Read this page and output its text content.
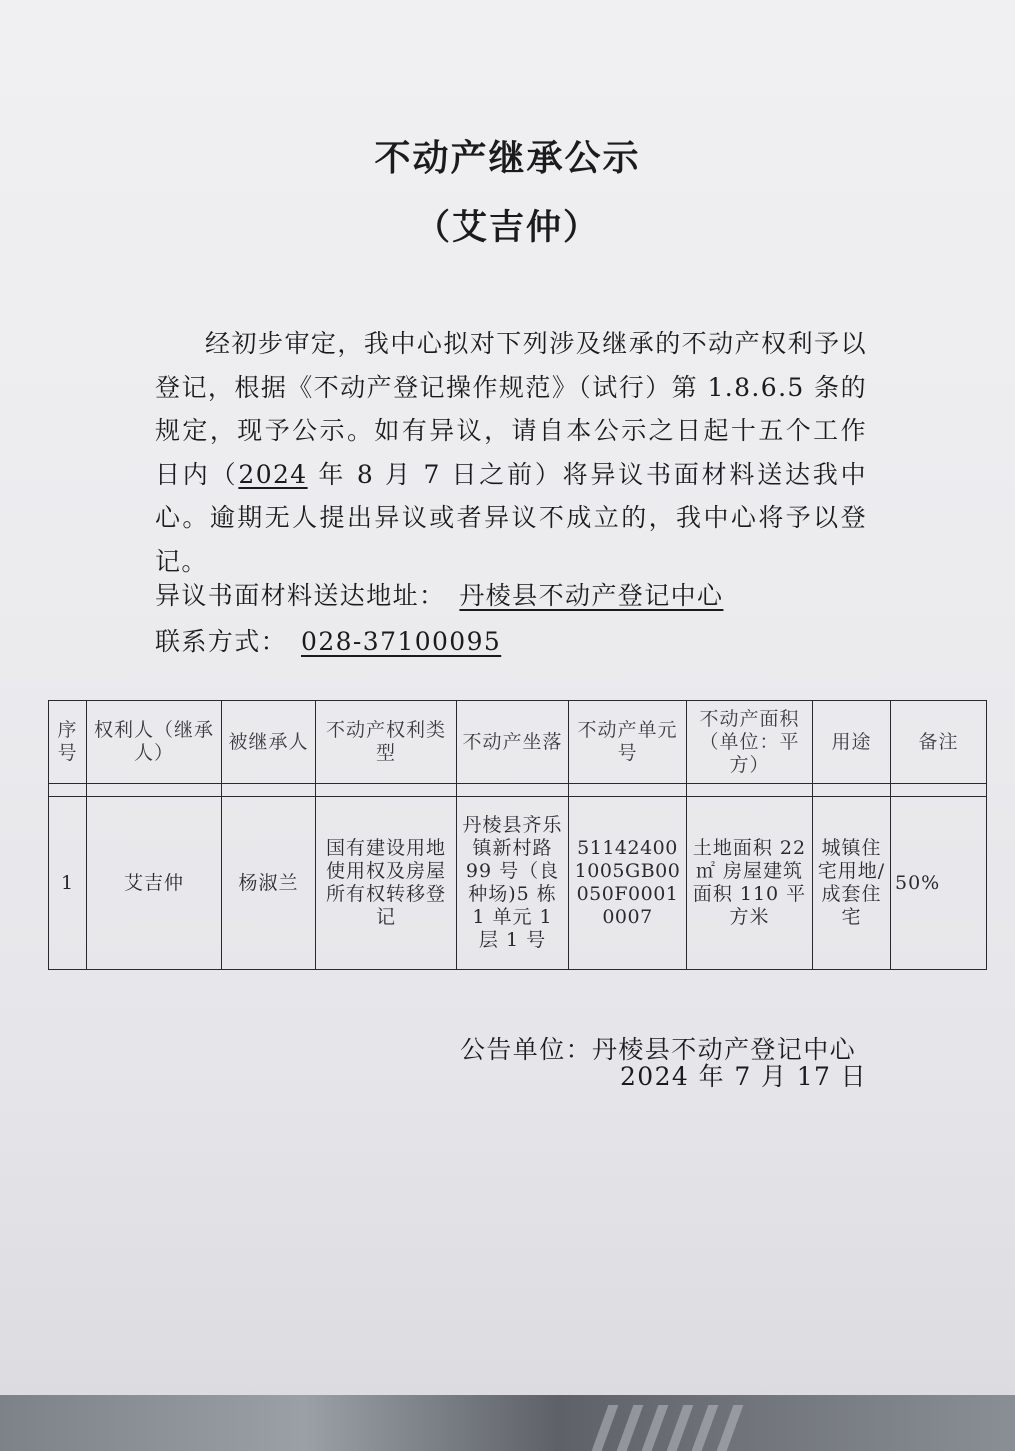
不动产继承公示
（艾吉仲）
经初步审定，我中心拟对下列涉及继承的不动产权利予以登记，根据《不动产登记操作规范》（试行）第 1.8.6.5 条的规定，现予公示。如有异议，请自本公示之日起十五个工作日内（2024 年 8 月 7 日之前）将异议书面材料送达我中心。逾期无人提出异议或者异议不成立的，我中心将予以登记。
异议书面材料送达地址： 丹棱县不动产登记中心
联系方式： 028-37100095
序号	权利人（继承人）	被继承人	不动产权利类型	不动产坐落	不动产单元号	不动产面积（单位：平方）	用途	备注

1	艾吉仲	杨淑兰	国有建设用地使用权及房屋所有权转移登记	丹棱县齐乐镇新村路 99 号（良种场)5 栋 1 单元 1 层 1 号	511424001005GB00050F00010007	土地面积 22 ㎡ 房屋建筑面积 110 平方米	城镇住宅用地/成套住宅	50%
公告单位：丹棱县不动产登记中心
2024 年 7 月 17 日
